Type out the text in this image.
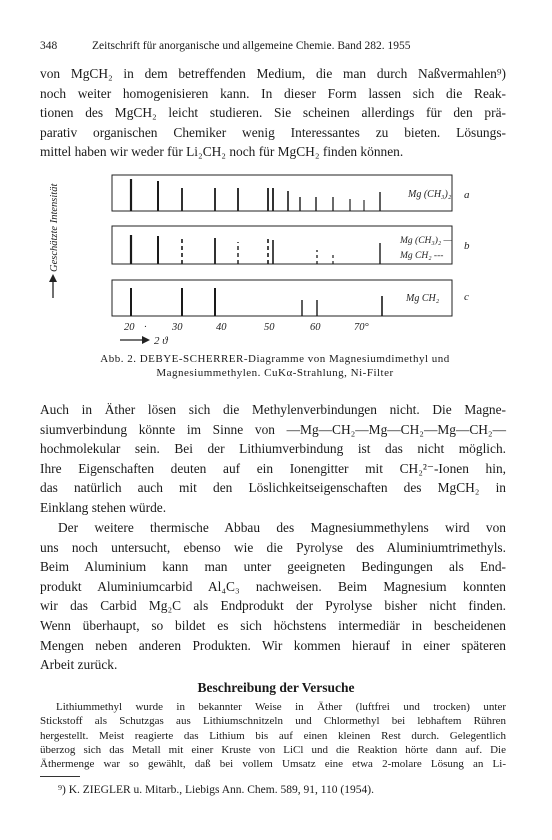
348	Zeitschrift für anorganische und allgemeine Chemie. Band 282. 1955
von MgCH₂ in dem betreffenden Medium, die man durch Naßvermahlen⁹)
noch weiter homogenisieren kann. In dieser Form lassen sich die Reak-
tionen des MgCH₂ leicht studieren. Sie scheinen allerdings für den prä-
parativ organischen Chemiker wenig Interessantes zu bieten. Lösungs-
mittel haben wir weder für Li₂CH₂ noch für MgCH₂ finden können.
Geschätzte Intensität	Mg (CH₃)₂ a
Mg (CH₃)₂ —
Mg CH₂ ---
b
Mg CH₂ c
20 · 30	40	50	60	70°
2 ϑ
Abb. 2. DEBYE-SCHERRER-Diagramme von Magnesiumdimethyl und
Magnesiummethylen. CuKα-Strahlung, Ni-Filter
Auch in Äther lösen sich die Methylenverbindungen nicht. Die Magne-
siumverbindung könnte im Sinne von —Mg—CH₂—Mg—CH₂—Mg—CH₂—
hochmolekular sein. Bei der Lithiumverbindung ist das nicht möglich.
Ihre Eigenschaften deuten auf ein Ionengitter mit CH₂²⁻-Ionen hin,
das natürlich auch mit den Löslichkeitseigenschaften des MgCH₂ in
Einklang stehen würde.
Der weitere thermische Abbau des Magnesiummethylens wird von
uns noch untersucht, ebenso wie die Pyrolyse des Aluminiumtrimethyls.
Beim Aluminium kann man unter geeigneten Bedingungen als End-
produkt Aluminiumcarbid Al₄C₃ nachweisen. Beim Magnesium konnten
wir das Carbid Mg₂C als Endprodukt der Pyrolyse bisher nicht finden.
Wenn überhaupt, so bildet es sich höchstens intermediär in bescheidenen
Mengen neben anderen Produkten. Wir kommen hierauf in einer späteren
Arbeit zurück.
Beschreibung der Versuche
Lithiummethyl wurde in bekannter Weise in Äther (luftfrei und trocken) unter
Stickstoff als Schutzgas aus Lithiumschnitzeln und Chlormethyl bei lebhaftem Rühren
hergestellt. Meist reagierte das Lithium bis auf einen kleinen Rest durch. Gelegentlich
überzog sich das Metall mit einer Kruste von LiCl und die Reaktion hörte dann auf. Die
Äthermenge war so gewählt, daß bei vollem Umsatz eine etwa 2-molare Lösung an Li-
⁹) K. ZIEGLER u. Mitarb., Liebigs Ann. Chem. 589, 91, 110 (1954).
